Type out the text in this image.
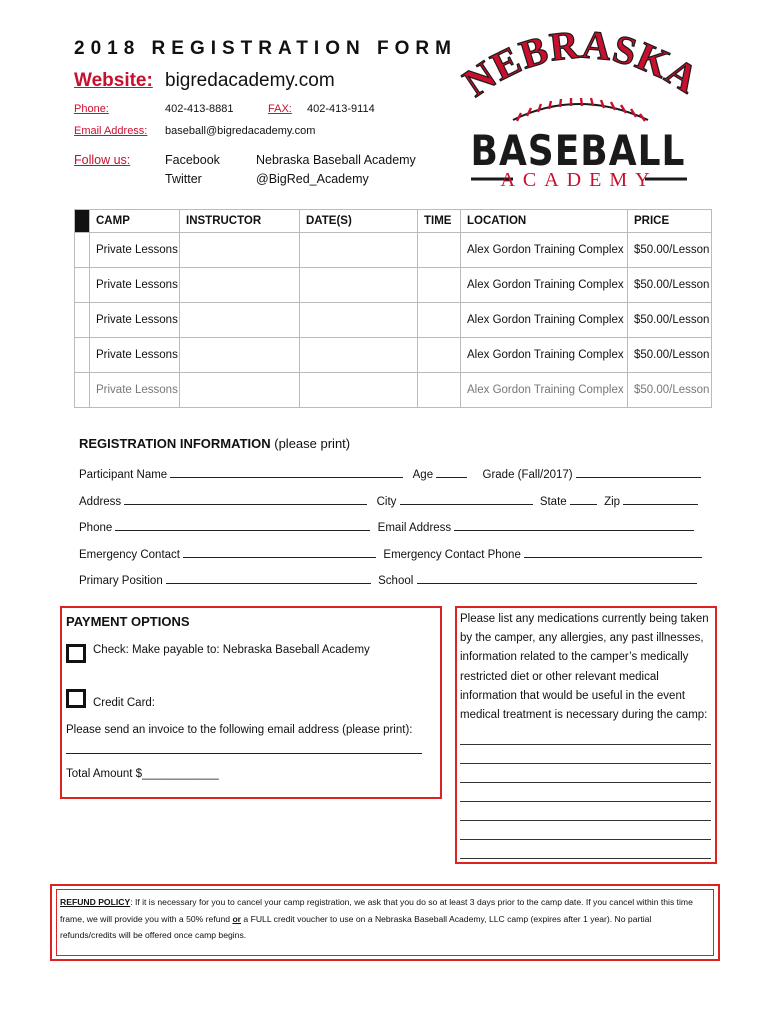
2018 REGISTRATION FORM
Website: bigredacademy.com
Phone:	402-413-8881	FAX: 402-413-9114
Email Address: baseball@bigredacademy.com
Follow us:	Facebook	Nebraska Baseball Academy
Twitter	@BigRed_Academy
NEBRASKA
BASEBALL
ACADEMY
	CAMP	INSTRUCTOR	DATE(S)	TIME	LOCATION	PRICE
	Private Lessons				Alex Gordon Training Complex	$50.00/Lesson
	Private Lessons				Alex Gordon Training Complex	$50.00/Lesson
	Private Lessons				Alex Gordon Training Complex	$50.00/Lesson
	Private Lessons				Alex Gordon Training Complex	$50.00/Lesson
	Private Lessons				Alex Gordon Training Complex	$50.00/Lesson
REGISTRATION INFORMATION (please print)
Participant Name	Age	Grade (Fall/2017)
Address	City	State	Zip
Phone	Email Address
Emergency Contact	Emergency Contact Phone
Primary Position	School
PAYMENT OPTIONS
Check: Make payable to: Nebraska Baseball Academy
Credit Card:
Please send an invoice to the following email address (please print):
Total Amount $____________
Please list any medications currently being taken by the camper, any allergies, any past illnesses, information related to the camper’s medically restricted diet or other relevant medical information that would be useful in the event medical treatment is necessary during the camp:
REFUND POLICY: If it is necessary for you to cancel your camp registration, we ask that you do so at least 3 days prior to the camp date. If you cancel within this time frame, we will provide you with a 50% refund or a FULL credit voucher to use on a Nebraska Baseball Academy, LLC camp (expires after 1 year). No partial refunds/credits will be offered once camp begins.
